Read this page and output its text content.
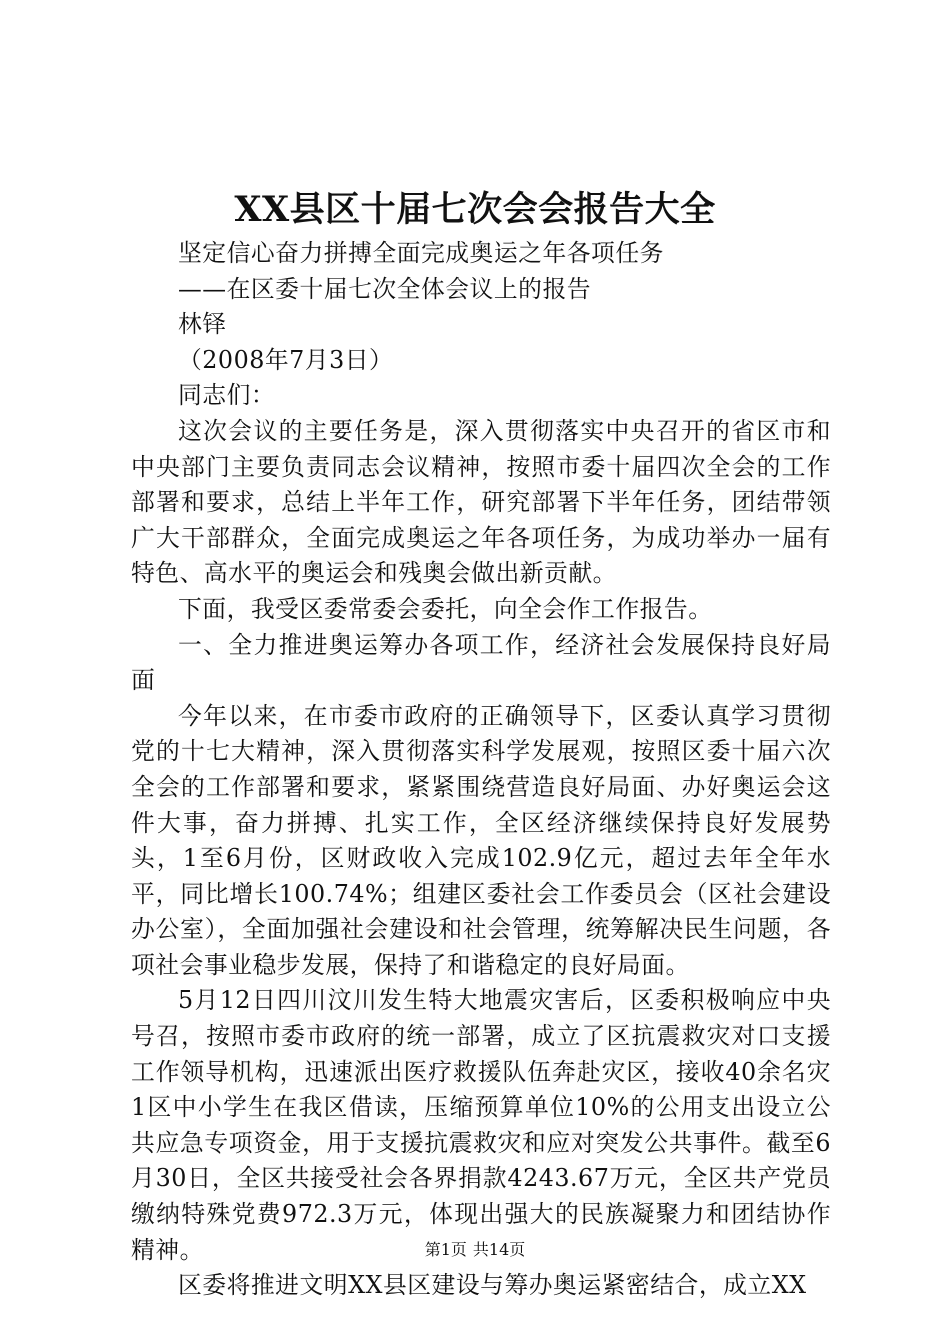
XX县区十届七次会会报告大全
坚定信心奋力拼搏全面完成奥运之年各项任务
——在区委十届七次全体会议上的报告
林铎
（2008年7月3日）
同志们：

这次会议的主要任务是，深入贯彻落实中央召开的省区市和中央部门主要负责同志会议精神，按照市委十届四次全会的工作部署和要求，总结上半年工作，研究部署下半年任务，团结带领广大干部群众，全面完成奥运之年各项任务，为成功举办一届有特色、高水平的奥运会和残奥会做出新贡献。

下面，我受区委常委会委托，向全会作工作报告。

一、全力推进奥运筹办各项工作，经济社会发展保持良好局面

今年以来，在市委市政府的正确领导下，区委认真学习贯彻党的十七大精神，深入贯彻落实科学发展观，按照区委十届六次全会的工作部署和要求，紧紧围绕营造良好局面、办好奥运会这件大事，奋力拼搏、扎实工作，全区经济继续保持良好发展势头，1至6月份，区财政收入完成102.9亿元，超过去年全年水平，同比增长100.74%；组建区委社会工作委员会（区社会建设办公室），全面加强社会建设和社会管理，统筹解决民生问题，各项社会事业稳步发展，保持了和谐稳定的良好局面。

5月12日四川汶川发生特大地震灾害后，区委积极响应中央号召，按照市委市政府的统一部署，成立了区抗震救灾对口支援工作领导机构，迅速派出医疗救援队伍奔赴灾区，接收40余名灾1区中小学生在我区借读，压缩预算单位10%的公用支出设立公共应急专项资金，用于支援抗震救灾和应对突发公共事件。截至6月30日，全区共接受社会各界捐款4243.67万元，全区共产党员缴纳特殊党费972.3万元，体现出强大的民族凝聚力和团结协作精神。

区委将推进文明XX县区建设与筹办奥运紧密结合，成立XX

第1页 共14页
